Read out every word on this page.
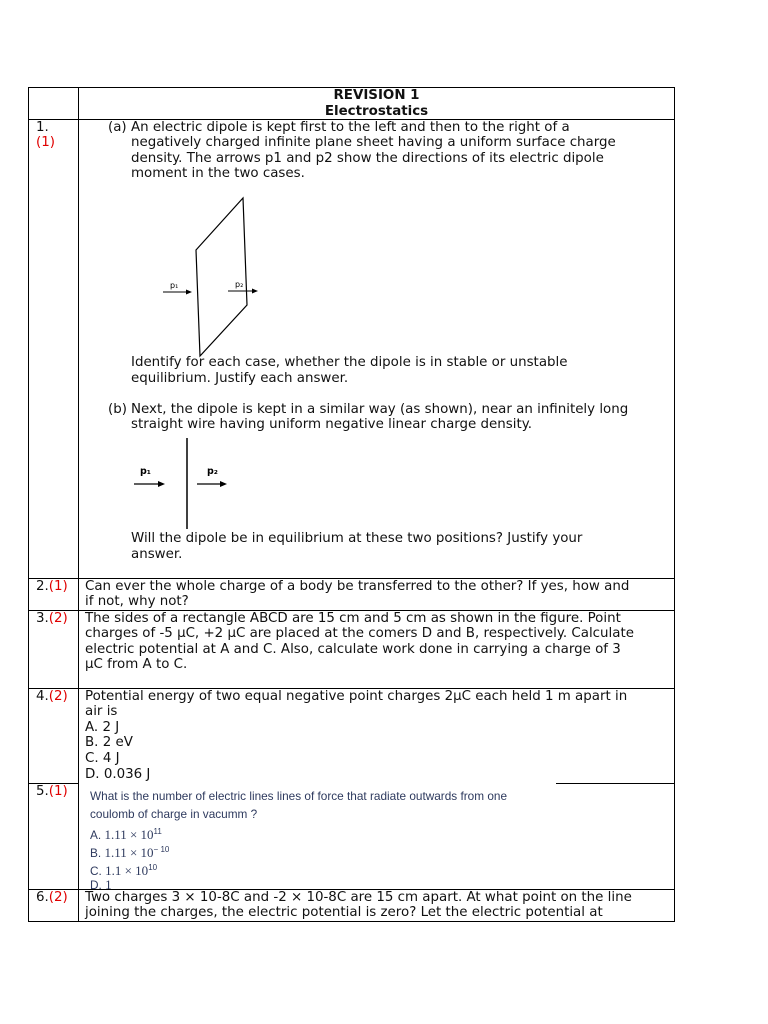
REVISION 1
Electrostatics
1.
(1)
(a) An electric dipole is kept first to the left and then to the right of a
negatively charged infinite plane sheet having a uniform surface charge
density. The arrows p1 and p2 show the directions of its electric dipole
moment in the two cases.
p₁	p₂
Identify for each case, whether the dipole is in stable or unstable
equilibrium. Justify each answer.
(b) Next, the dipole is kept in a similar way (as shown), near an infinitely long
straight wire having uniform negative linear charge density.
p₁	p₂
Will the dipole be in equilibrium at these two positions? Justify your
answer.
2.(1) Can ever the whole charge of a body be transferred to the other? If yes, how and
if not, why not?
3.(2) The sides of a rectangle ABCD are 15 cm and 5 cm as shown in the figure. Point
charges of -5 μC, +2 μC are placed at the comers D and B, respectively. Calculate
electric potential at A and C. Also, calculate work done in carrying a charge of 3
μC from A to C.
4.(2) Potential energy of two equal negative point charges 2μC each held 1 m apart in
air is
A. 2 J
B. 2 eV
C. 4 J
D. 0.036 J
5.(1) What is the number of electric lines lines of force that radiate outwards from one
coulomb of charge in vacumm ?
A. $1.11 \times 10^{11}$
B. $1.11 \times 10^{- 10}$
C. $1.1 \times 10^{10}$
D. 1
6.(2) Two charges 3 × 10-8C and -2 × 10-8C are 15 cm apart. At what point on the line
joining the charges, the electric potential is zero? Let the electric potential at
